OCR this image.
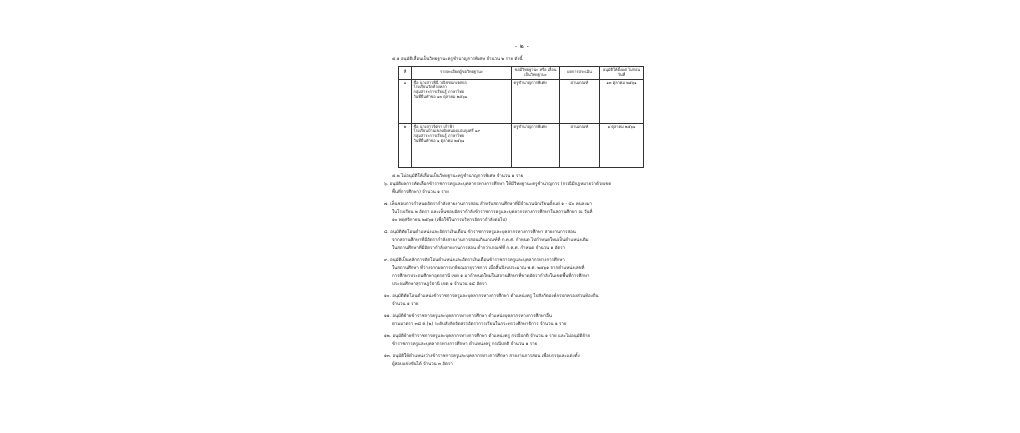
- ๒ -
๕.๑ อนุมัติเลื่อนเป็นวิทยฐานะครูชำนาญการพิเศษ จำนวน ๒ ราย ดังนี้
ที่	รายละเอียดผู้ขอวิทยฐานะ	ขอมีวิทยฐานะ หรือ เลื่อนเป็นวิทยฐานะ	ผลการประเมิน	อนุมัติให้ตั้งแต่ ไม่ก่อนวันที่
๑	ชื่อ นางสาวพีนี วณิชชนกเจศกล
โรงเรียนวัดห้วยหลา
กลุ่มสาระการเรียนรู้ ภาษาไทย
วันที่ยื่นคำขอ ๑๓ ตุลาคม ๒๕๖๑	ครูชำนาญการพิเศษ	ผ่านเกณฑ์	๑๓ ตุลาคม ๒๕๖๑
๒	ชื่อ นางสาวจิตรา เก้าฟ้า
โรงเรียนบ้านเขลงฝั่งหนองแปนกุงศรี ๑๙
กลุ่มสาระการเรียนรู้ ภาษาไทย
วันที่ยื่นคำขอ ๑ ตุลาคม ๒๕๖๑	ครูชำนาญการพิเศษ	ผ่านเกณฑ์	๑ ตุลาคม ๒๕๖๑
๕.๒ ไม่อนุมัติให้เลื่อนเป็นวิทยฐานะครูชำนาญการพิเศษ จำนวน ๑ ราย
๖. อนุมัติผลการคัดเลือกข้าราชการครูและบุคลากรทางการศึกษา ให้มีวิทยฐานะครูชำนาญการ (กรณีมีกฎหมายว่าด้วยเขต
พื้นที่การศึกษา) จำนวน ๑ ราย
๗. เห็นชอบการกำหนดอัตรากำลังสายงานการสอน สำหรับสถานศึกษาที่มีจำนวนนักเรียนตั้งแต่ ๑ - ๔๐ คนลงมา
ในโรงเรียน ๒ อัตรา และเห็นชอบอัตรากำลังข้าราชการครูและบุคลากรทางการศึกษาในสถานศึกษา ณ วันที่
๑๐ พฤศจิกายน ๒๕๖๑ (เพื่อใช้ในการบริหารอัตรากำลังต่อไป)
๘. อนุมัติตัดโอนตำแหน่งและอัตราเงินเดือน ข้าราชการครูและบุคลากรทางการศึกษา สายงานการสอน
จากสถานศึกษาที่มีอัตรากำลังสายงานการสอนเกินเกณฑ์ที่ ก.ค.ศ. กำหนด ไปกำหนดใหม่เป็นตำแหน่งเดิม
ในสถานศึกษาที่มีอัตรากำลังสายงานการสอน ต่ำกว่าเกณฑ์ที่ ก.ค.ศ. กำหนด จำนวน ๑ อัตรา
๙. อนุมัติเป็นหลักการตัดโอนตำแหน่งและอัตราเงินเดือนข้าราชการครูและบุคลากรทางการศึกษา
ในสถานศึกษา ที่ว่างจากผลการเกษียณอายุราชการ เมื่อสิ้นปีงบประมาณ พ.ศ. ๒๕๖๑ จากตำแหน่งเลขที่
การศึกษาประถมศึกษาอุดรธานี เขต ๑ มากำหนดใหม่ในสถานศึกษาที่ขาดอัตรากำลังในเขตพื้นที่การศึกษา
ประถมศึกษาสุราษฎร์ธานี เขต ๑ จำนวน ๑๔ อัตรา
๑๐. อนุมัติตัดโอนตำแหน่งข้าราชการครูและบุคลากรทางการศึกษา ตำแหน่งครู ไปสังกัดองค์กรปกครองส่วนท้องถิ่น
จำนวน ๑ ราย
๑๑. อนุมัติย้ายข้าราชการครูและบุคลากรทางการศึกษา ตำแหน่งบุคลากรทางการศึกษาอื่น
ตามมาตรา ๓๘ ค.(๒) ระดับสังกัดจัดสรรอัตราการเรียนในกระทรวงศึกษาธิการ จำนวน ๑ ราย
๑๒. อนุมัติย้ายข้าราชการครูและบุคลากรทางการศึกษา ตำแหน่งครู กรณีปกติ จำนวน ๑ ราย และไม่อนุมัติย้าย
ข้าราชการครูและบุคลากรทางการศึกษา ตำแหน่งครู กรณีปกติ จำนวน ๑ ราย
๑๓. อนุมัติให้ตำแหน่งว่างข้าราชการครูและบุคลากรทางการศึกษา สายงานการสอน เพื่อบรรจุและแต่งตั้ง
ผู้สอบแข่งขันได้ จำนวน ๓ อัตรา
